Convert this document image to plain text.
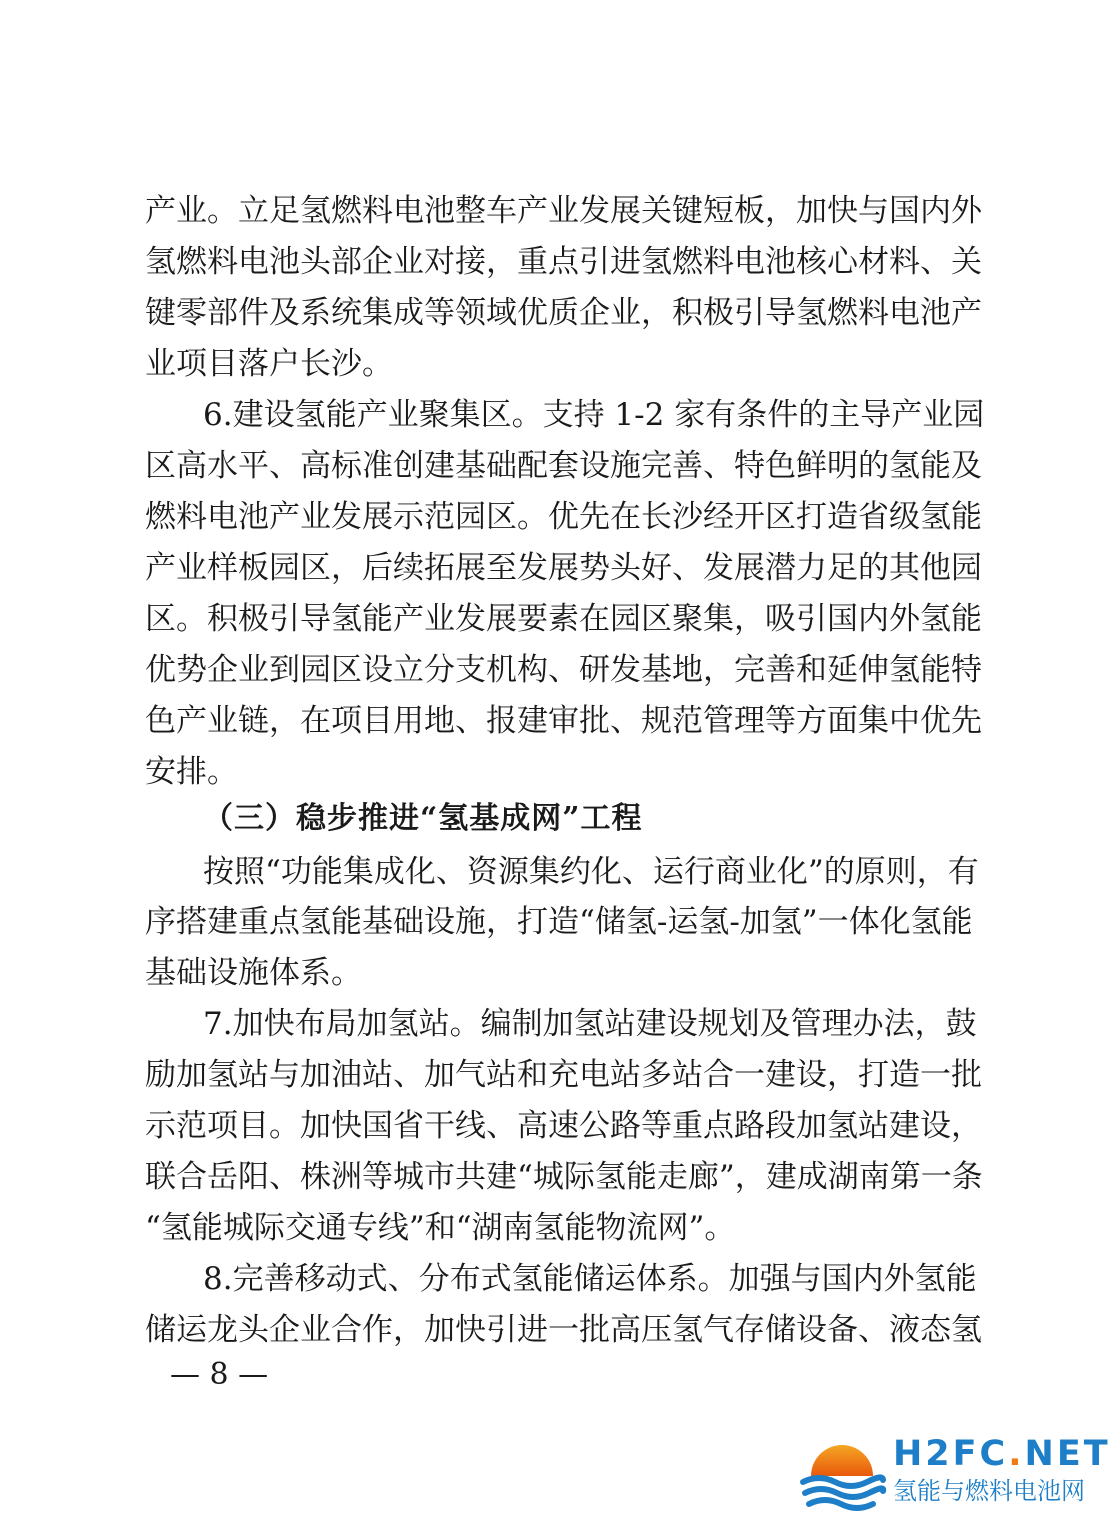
产业。立足氢燃料电池整车产业发展关键短板，加快与国内外
氢燃料电池头部企业对接，重点引进氢燃料电池核心材料、关
键零部件及系统集成等领域优质企业，积极引导氢燃料电池产
业项目落户长沙。
6.建设氢能产业聚集区。支持 1-2 家有条件的主导产业园
区高水平、高标准创建基础配套设施完善、特色鲜明的氢能及
燃料电池产业发展示范园区。优先在长沙经开区打造省级氢能
产业样板园区，后续拓展至发展势头好、发展潜力足的其他园
区。积极引导氢能产业发展要素在园区聚集，吸引国内外氢能
优势企业到园区设立分支机构、研发基地，完善和延伸氢能特
色产业链，在项目用地、报建审批、规范管理等方面集中优先
安排。
（三）稳步推进“氢基成网”工程
按照“功能集成化、资源集约化、运行商业化”的原则，有
序搭建重点氢能基础设施，打造“储氢-运氢-加氢”一体化氢能
基础设施体系。
7.加快布局加氢站。编制加氢站建设规划及管理办法，鼓
励加氢站与加油站、加气站和充电站多站合一建设，打造一批
示范项目。加快国省干线、高速公路等重点路段加氢站建设，
联合岳阳、株洲等城市共建“城际氢能走廊”，建成湖南第一条
“氢能城际交通专线”和“湖南氢能物流网”。
8.完善移动式、分布式氢能储运体系。加强与国内外氢能
储运龙头企业合作，加快引进一批高压氢气存储设备、液态氢
— 8 —
H2FC.NET
氢能与燃料电池网
